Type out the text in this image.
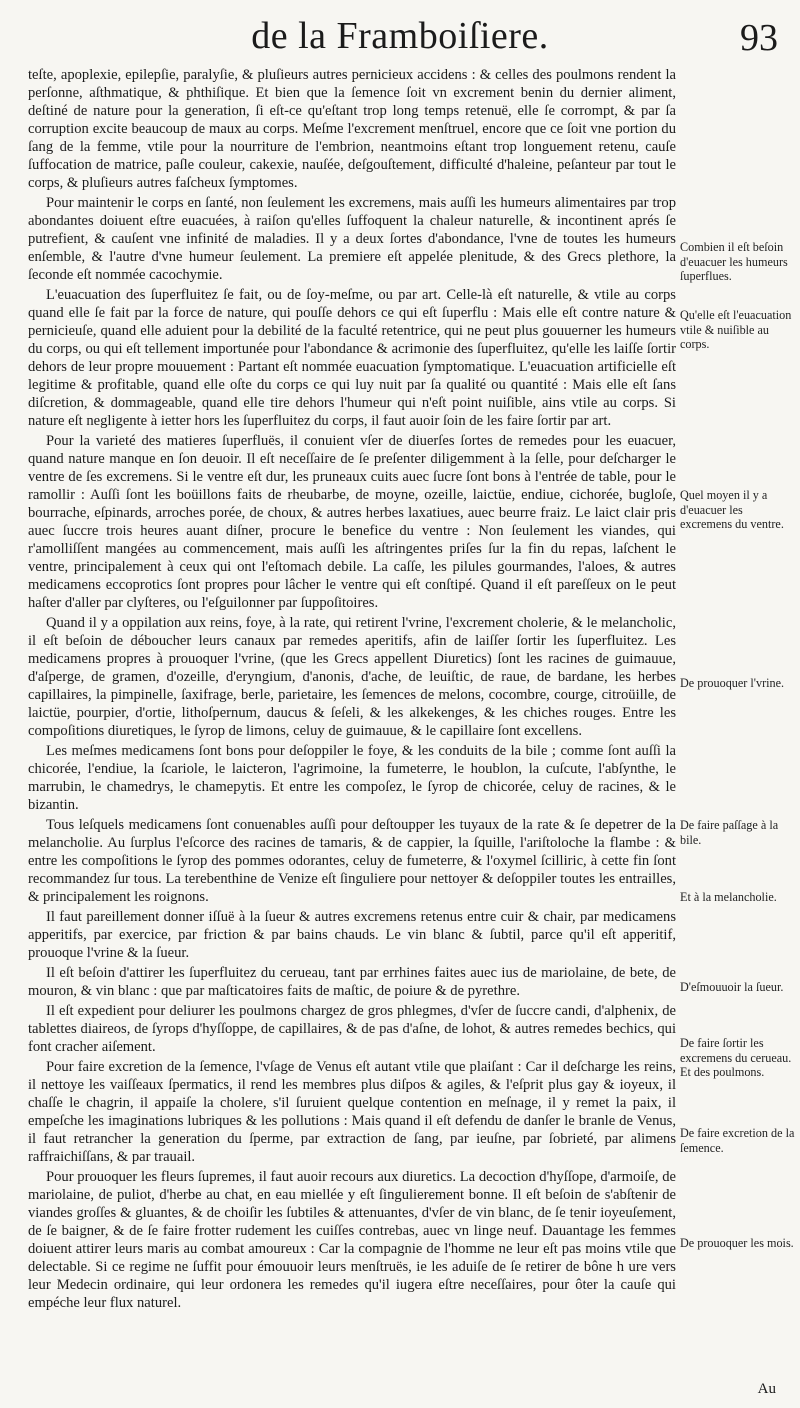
de la Framboiſiere.	93

teſte, apoplexie, epilepſie, paralyſie, & pluſieurs autres pernicieux accidens : & celles des poulmons rendent la perſonne, aſthmatique, & phthiſique. Et bien que la ſemence ſoit vn excrement benin du dernier aliment, deſtiné de nature pour la generation, ſi eſt-ce qu'eſtant trop long temps retenuë, elle ſe corrompt, & par ſa corruption excite beaucoup de maux au corps. Meſme l'excrement menſtruel, encore que ce ſoit vne portion du ſang de la femme, vtile pour la nourriture de l'embrion, neantmoins eſtant trop longuement retenu, cauſe ſuffocation de matrice, paſle couleur, cakexie, nauſée, deſgouſtement, difficulté d'haleine, peſanteur par tout le corps, & pluſieurs autres faſcheux ſymptomes.

Pour maintenir le corps en ſanté, non ſeulement les excremens, mais auſſi les humeurs alimentaires par trop abondantes doiuent eſtre euacuées, à raiſon qu'elles ſuffoquent la chaleur naturelle, & incontinent aprés ſe putrefient, & cauſent vne infinité de maladies. Il y a deux ſortes d'abondance, l'vne de toutes les humeurs enſemble, & l'autre d'vne humeur ſeulement. La premiere eſt appelée plenitude, & des Grecs plethore, la ſeconde eſt nommée cacochymie.

L'euacuation des ſuperfluitez ſe fait, ou de ſoy-meſme, ou par art. Celle-là eſt naturelle, & vtile au corps quand elle ſe fait par la force de nature, qui pouſſe dehors ce qui eſt ſuperflu : Mais elle eſt contre nature & pernicieuſe, quand elle aduient pour la debilité de la faculté retentrice, qui ne peut plus gouuerner les humeurs du corps, ou qui eſt tellement importunée pour l'abondance & acrimonie des ſuperfluitez, qu'elle les laiſſe ſortir dehors de leur propre mouuement : Partant eſt nommée euacuation ſymptomatique. L'euacuation artificielle eſt legitime & profitable, quand elle oſte du corps ce qui luy nuit par ſa qualité ou quantité : Mais elle eſt ſans diſcretion, & dommageable, quand elle tire dehors l'humeur qui n'eſt point nuiſible, ains vtile au corps. Si nature eſt negligente à ietter hors les ſuperfluitez du corps, il faut auoir ſoin de les faire ſortir par art.

Pour la varieté des matieres ſuperfluës, il conuient vſer de diuerſes ſortes de remedes pour les euacuer, quand nature manque en ſon deuoir. Il eſt neceſſaire de ſe preſenter diligemment à la ſelle, pour deſcharger le ventre de ſes excremens. Si le ventre eſt dur, les pruneaux cuits auec ſucre ſont bons à l'entrée de table, pour le ramollir : Auſſi ſont les boüillons faits de rheubarbe, de moyne, ozeille, laictüe, endiue, cichorée, bugloſe, bourrache, eſpinards, arroches porée, de choux, & autres herbes laxatiues, auec beurre fraiz. Le laict clair pris auec ſuccre trois heures auant diſner, procure le benefice du ventre : Non ſeulement les viandes, qui r'amolliſſent mangées au commencement, mais auſſi les aſtringentes priſes ſur la fin du repas, laſchent le ventre, principalement à ceux qui ont l'eſtomach debile. La caſſe, les pilules gourmandes, l'aloes, & autres medicamens eccoprotics ſont propres pour lâcher le ventre qui eſt conſtipé. Quand il eſt pareſſeux on le peut haſter d'aller par clyſteres, ou l'eſguilonner par ſuppoſitoires.

Quand il y a oppilation aux reins, foye, à la rate, qui retirent l'vrine, l'excrement cholerie, & le melancholic, il eſt beſoin de déboucher leurs canaux par remedes aperitifs, afin de laiſſer ſortir les ſuperfluitez. Les medicamens propres à prouoquer l'vrine, (que les Grecs appellent Diuretics) ſont les racines de guimauue, d'aſperge, de gramen, d'ozeille, d'eryngium, d'anonis, d'ache, de leuiſtic, de raue, de bardane, les herbes capillaires, la pimpinelle, ſaxifrage, berle, parietaire, les ſemences de melons, cocombre, courge, citroüille, de laictüe, pourpier, d'ortie, lithoſpernum, daucus & ſeſeli, & les alkekenges, & les chiches rouges. Entre les compoſitions diuretiques, le ſyrop de limons, celuy de guimauue, & le capillaire ſont excellens.

Les meſmes medicamens ſont bons pour deſoppiler le foye, & les conduits de la bile ; comme ſont auſſi la chicorée, l'endiue, la ſcariole, le laicteron, l'agrimoine, la fumeterre, le houblon, la cuſcute, l'abſynthe, le marrubin, le chamedrys, le chamepytis. Et entre les compoſez, le ſyrop de chicorée, celuy de racines, & le bizantin.

Tous leſquels medicamens ſont conuenables auſſi pour deſtoupper les tuyaux de la rate & ſe depetrer de la melancholie. Au ſurplus l'eſcorce des racines de tamaris, & de cappier, la ſquille, l'ariſtoloche la flambe : & entre les compoſitions le ſyrop des pommes odorantes, celuy de fumeterre, & l'oxymel ſcilliric, à cette fin ſont recommandez ſur tous. La terebenthine de Venize eſt ſinguliere pour nettoyer & deſoppiler toutes les entrailles, & principalement les roignons.

Il faut pareillement donner iſſuë à la ſueur & autres excremens retenus entre cuir & chair, par medicamens apperitifs, par exercice, par friction & par bains chauds. Le vin blanc & ſubtil, parce qu'il eſt apperitif, prouoque l'vrine & la ſueur.

Il eſt beſoin d'attirer les ſuperfluitez du cerueau, tant par errhines faites auec ius de mariolaine, de bete, de mouron, & vin blanc : que par maſticatoires faits de maſtic, de poiure & de pyrethre.

Il eſt expedient pour deliurer les poulmons chargez de gros phlegmes, d'vſer de ſuccre candi, d'alphenix, de tablettes diaireos, de ſyrops d'hyſſoppe, de capillaires, & de pas d'aſne, de lohot, & autres remedes bechics, qui font cracher aiſement.

Pour faire excretion de la ſemence, l'vſage de Venus eſt autant vtile que plaiſant : Car il deſcharge les reins, il nettoye les vaiſſeaux ſpermatics, il rend les membres plus diſpos & agiles, & l'eſprit plus gay & ioyeux, il chaſſe le chagrin, il appaiſe la cholere, s'il ſuruient quelque contention en meſnage, il y remet la paix, il empeſche les imaginations lubriques & les pollutions : Mais quand il eſt defendu de danſer le branle de Venus, il faut retrancher la generation du ſperme, par extraction de ſang, par ieuſne, par ſobrieté, par alimens raffraichiſſans, & par trauail.

Pour prouoquer les fleurs ſupremes, il faut auoir recours aux diuretics. La decoction d'hyſſope, d'armoiſe, de mariolaine, de puliot, d'herbe au chat, en eau miellée y eſt ſingulierement bonne. Il eſt beſoin de s'abſtenir de viandes groſſes & gluantes, & de choiſir les ſubtiles & attenuantes, d'vſer de vin blanc, de ſe tenir ioyeuſement, de ſe baigner, & de ſe faire frotter rudement les cuiſſes contrebas, auec vn linge neuf. Dauantage les femmes doiuent attirer leurs maris au combat amoureux : Car la compagnie de l'homme ne leur eſt pas moins vtile que delectable. Si ce regime ne ſuffit pour émouuoir leurs menſtruës, ie les aduiſe de ſe retirer de bône h ure vers leur Medecin ordinaire, qui leur ordonera les remedes qu'il iugera eſtre neceſſaires, pour ôter la cauſe qui empéche leur flux naturel.

Combien il eſt beſoin d'euacuer les humeurs ſuperflues.
Qu'elle eſt l'euacuation vtile & nuiſible au corps.
Quel moyen il y a d'euacuer les excremens du ventre.
De prouoquer l'vrine.
De faire paſſage à la bile.
Et à la melancholie.
D'eſmouuoir la ſueur.
De faire ſortir les excremens du cerueau. Et des poulmons.
De faire excretion de la ſemence.
De prouoquer les mois.
Au
